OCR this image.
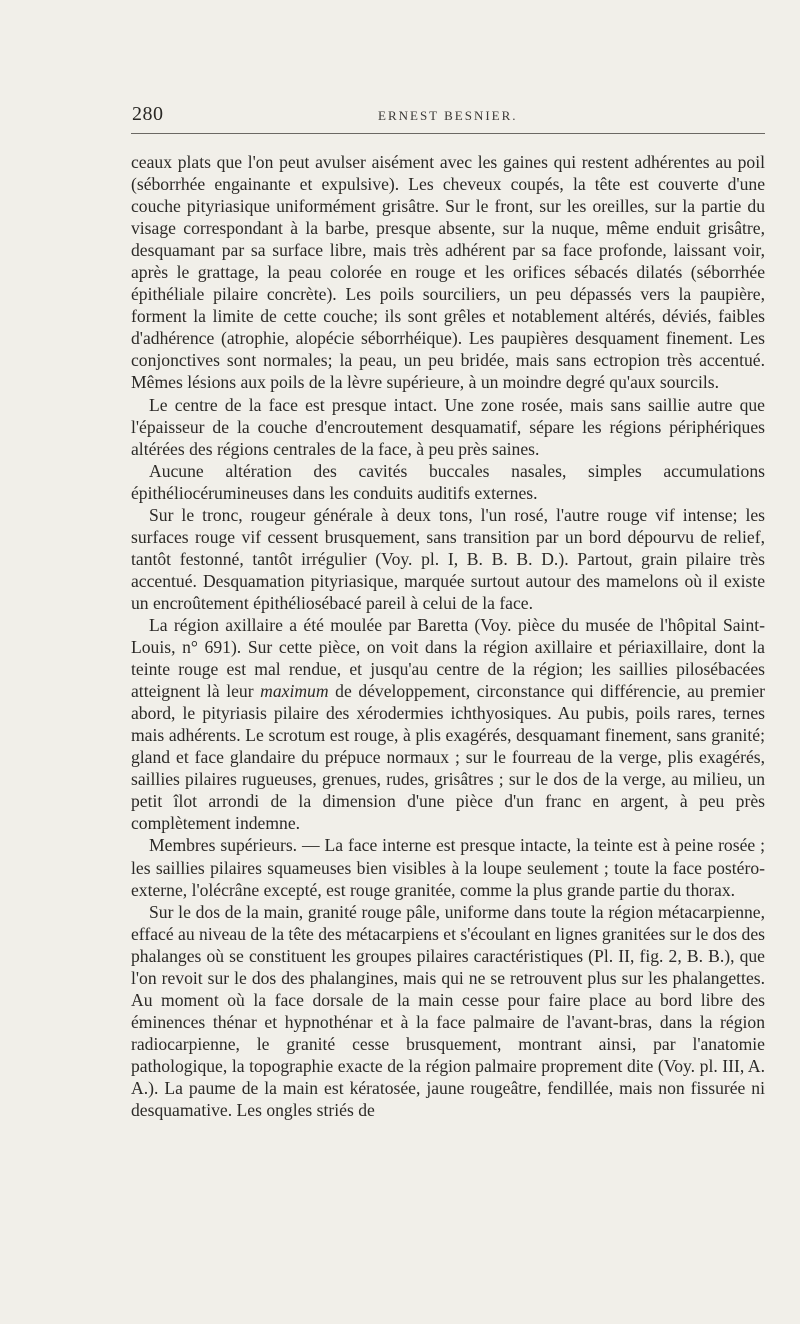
280	ERNEST BESNIER.

ceaux plats que l'on peut avulser aisément avec les gaines qui restent adhérentes au poil (séborrhée engainante et expulsive). Les cheveux coupés, la tête est couverte d'une couche pityriasique uniformément grisâtre. Sur le front, sur les oreilles, sur la partie du visage correspondant à la barbe, presque absente, sur la nuque, même enduit grisâtre, desquamant par sa surface libre, mais très adhérent par sa face profonde, laissant voir, après le grattage, la peau colorée en rouge et les orifices sébacés dilatés (séborrhée épithéliale pilaire concrète). Les poils sourciliers, un peu dépassés vers la paupière, forment la limite de cette couche; ils sont grêles et notablement altérés, déviés, faibles d'adhérence (atrophie, alopécie séborrhéique). Les paupières desquament finement. Les conjonctives sont normales; la peau, un peu bridée, mais sans ectropion très accentué. Mêmes lésions aux poils de la lèvre supérieure, à un moindre degré qu'aux sourcils.

Le centre de la face est presque intact. Une zone rosée, mais sans saillie autre que l'épaisseur de la couche d'encroutement desquamatif, sépare les régions périphériques altérées des régions centrales de la face, à peu près saines.

Aucune altération des cavités buccales nasales, simples accumulations épithéliocérumineuses dans les conduits auditifs externes.

Sur le tronc, rougeur générale à deux tons, l'un rosé, l'autre rouge vif intense; les surfaces rouge vif cessent brusquement, sans transition par un bord dépourvu de relief, tantôt festonné, tantôt irrégulier (Voy. pl. I, B. B. B. D.). Partout, grain pilaire très accentué. Desquamation pityriasique, marquée surtout autour des mamelons où il existe un encroûtement épithéliosébacé pareil à celui de la face.

La région axillaire a été moulée par Baretta (Voy. pièce du musée de l'hôpital Saint-Louis, n° 691). Sur cette pièce, on voit dans la région axillaire et périaxillaire, dont la teinte rouge est mal rendue, et jusqu'au centre de la région; les saillies pilosébacées atteignent là leur maximum de développement, circonstance qui différencie, au premier abord, le pityriasis pilaire des xérodermies ichthyosiques. Au pubis, poils rares, ternes mais adhérents. Le scrotum est rouge, à plis exagérés, desquamant finement, sans granité; gland et face glandaire du prépuce normaux ; sur le fourreau de la verge, plis exagérés, saillies pilaires rugueuses, grenues, rudes, grisâtres ; sur le dos de la verge, au milieu, un petit îlot arrondi de la dimension d'une pièce d'un franc en argent, à peu près complètement indemne.

Membres supérieurs. — La face interne est presque intacte, la teinte est à peine rosée ; les saillies pilaires squameuses bien visibles à la loupe seulement ; toute la face postéro-externe, l'olécrâne excepté, est rouge granitée, comme la plus grande partie du thorax.

Sur le dos de la main, granité rouge pâle, uniforme dans toute la région métacarpienne, effacé au niveau de la tête des métacarpiens et s'écoulant en lignes granitées sur le dos des phalanges où se constituent les groupes pilaires caractéristiques (Pl. II, fig. 2, B. B.), que l'on revoit sur le dos des phalangines, mais qui ne se retrouvent plus sur les phalangettes. Au moment où la face dorsale de la main cesse pour faire place au bord libre des éminences thénar et hypnothénar et à la face palmaire de l'avant-bras, dans la région radiocarpienne, le granité cesse brusquement, montrant ainsi, par l'anatomie pathologique, la topographie exacte de la région palmaire proprement dite (Voy. pl. III, A. A.). La paume de la main est kératosée, jaune rougeâtre, fendillée, mais non fissurée ni desquamative. Les ongles striés de
